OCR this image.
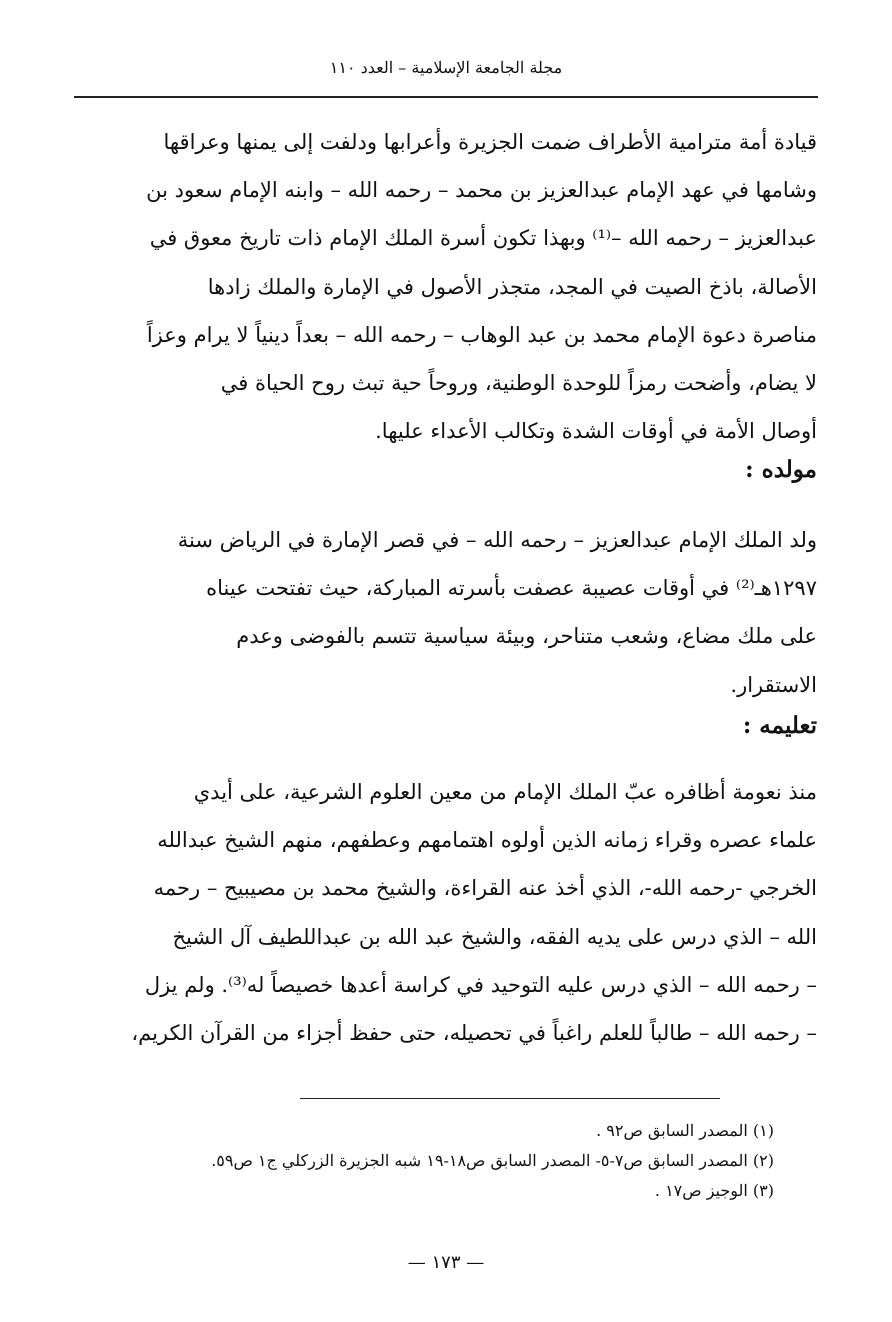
مجلة الجامعة الإسلامية – العدد ١١٠

قيادة أمة مترامية الأطراف ضمت الجزيرة وأعرابها ودلفت إلى يمنها وعراقها
وشامها في عهد الإمام عبدالعزيز بن محمد – رحمه الله – وابنه الإمام سعود بن
عبدالعزيز – رحمه الله –⁽¹⁾ وبهذا تكون أسرة الملك الإمام ذات تاريخ معوق في
الأصالة، باذخ الصيت في المجد، متجذر الأصول في الإمارة والملك زادها
مناصرة دعوة الإمام محمد بن عبد الوهاب – رحمه الله – بعداً دينياً لا يرام وعزاً
لا يضام، وأضحت رمزاً للوحدة الوطنية، وروحاً حية تبث روح الحياة في
أوصال الأمة في أوقات الشدة وتكالب الأعداء عليها.

مولده :

ولد الملك الإمام عبدالعزيز – رحمه الله – في قصر الإمارة في الرياض سنة
١٢٩٧هـ⁽²⁾ في أوقات عصيبة عصفت بأسرته المباركة، حيث تفتحت عيناه
على ملك مضاع، وشعب متناحر، وبيئة سياسية تتسم بالفوضى وعدم
الاستقرار.

تعليمه :

منذ نعومة أظافره عبّ الملك الإمام من معين العلوم الشرعية، على أيدي
علماء عصره وقراء زمانه الذين أولوه اهتمامهم وعطفهم، منهم الشيخ عبدالله
الخرجي -رحمه الله-، الذي أخذ عنه القراءة، والشيخ محمد بن مصيبيح – رحمه
الله – الذي درس على يديه الفقه، والشيخ عبد الله بن عبداللطيف آل الشيخ
– رحمه الله – الذي درس عليه التوحيد في كراسة أعدها خصيصاً له⁽³⁾. ولم يزل
– رحمه الله – طالباً للعلم راغباً في تحصيله، حتى حفظ أجزاء من القرآن الكريم،

(١) المصدر السابق ص٩٢ .
(٢) المصدر السابق ص٧-٥- المصدر السابق ص١٨-١٩ شبه الجزيرة الزركلي ج١ ص٥٩.
(٣) الوجيز ص١٧ .
— ١٧٣ —
